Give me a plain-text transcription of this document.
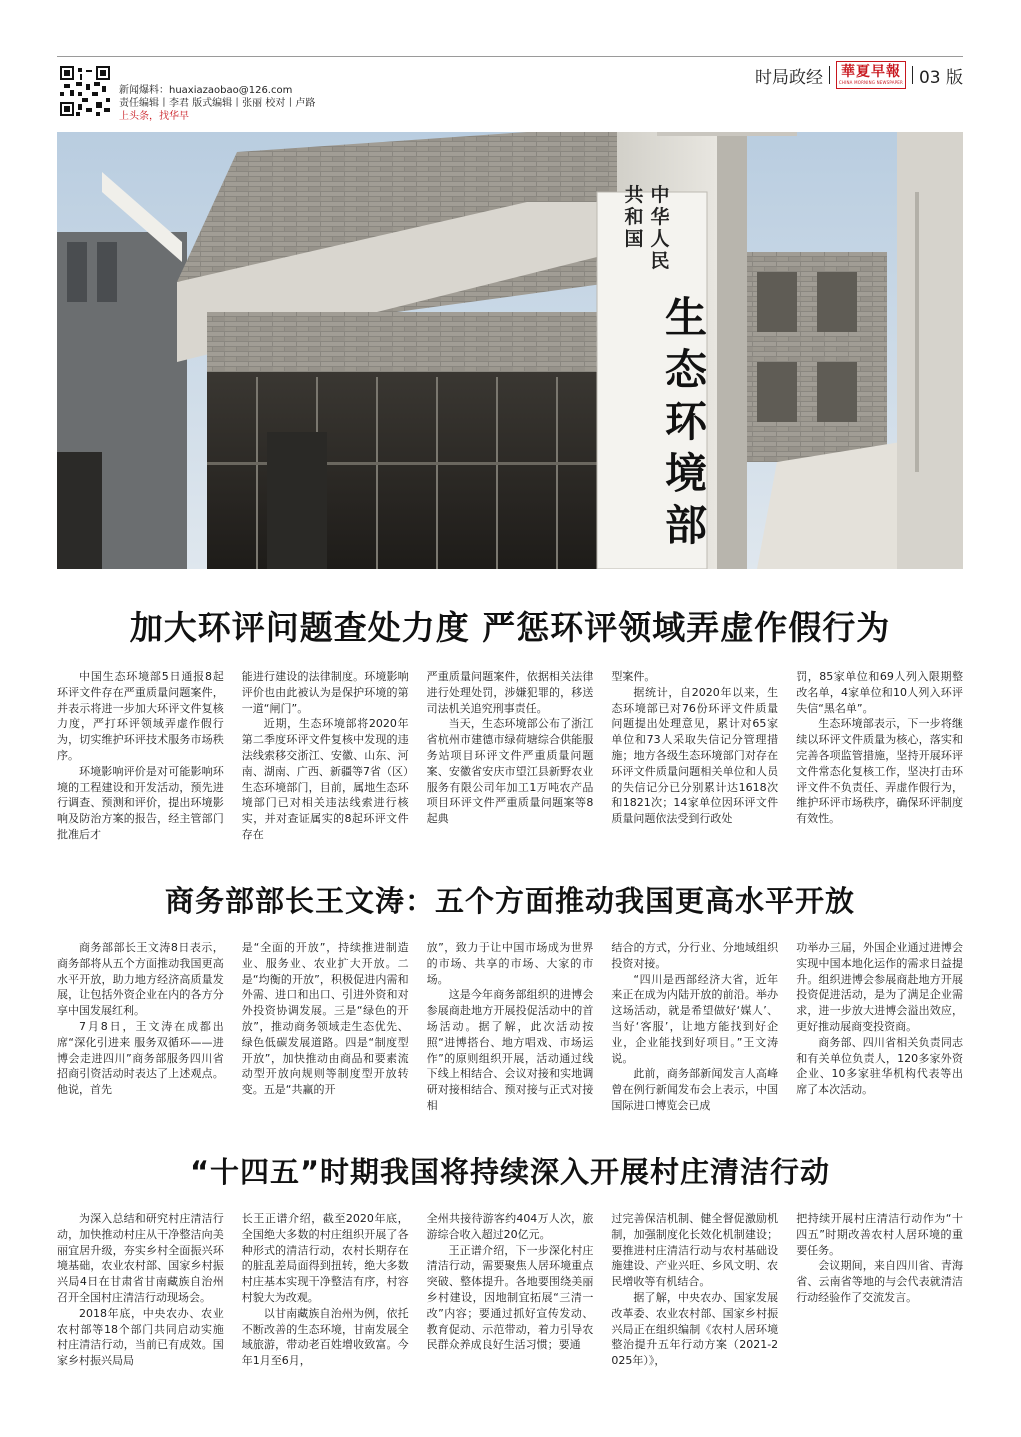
新闻爆料：huaxiazaobao@126.com
责任编辑丨李君 版式编辑丨张丽 校对丨卢路
上头条，找华早
时局政经 華夏早報
CHINA MORNING NEWSPAPER 03 版
中华人民
共和国
生
态
环
境
部
加大环评问题查处力度 严惩环评领域弄虚作假行为

中国生态环境部5日通报8起环评文件存在严重质量问题案件，并表示将进一步加大环评文件复核力度，严打环评领域弄虚作假行为，切实维护环评技术服务市场秩序。

环境影响评价是对可能影响环境的工程建设和开发活动，预先进行调查、预测和评价，提出环境影响及防治方案的报告，经主管部门批准后才

能进行建设的法律制度。环境影响评价也由此被认为是保护环境的第一道“闸门”。

近期，生态环境部将2020年第二季度环评文件复核中发现的违法线索移交浙江、安徽、山东、河南、湖南、广西、新疆等7省（区）生态环境部门，目前，属地生态环境部门已对相关违法线索进行核实，并对查证属实的8起环评文件存在

严重质量问题案件，依据相关法律进行处理处罚，涉嫌犯罪的，移送司法机关追究刑事责任。

当天，生态环境部公布了浙江省杭州市建德市绿荷塘综合供能服务站项目环评文件严重质量问题案、安徽省安庆市望江县新野农业服务有限公司年加工1万吨农产品项目环评文件严重质量问题案等8起典

型案件。

据统计，自2020年以来，生态环境部已对76份环评文件质量问题提出处理意见，累计对65家单位和73人采取失信记分管理措施；地方各级生态环境部门对存在环评文件质量问题相关单位和人员的失信记分已分别累计达1618次和1821次；14家单位因环评文件质量问题依法受到行政处

罚，85家单位和69人列入限期整改名单，4家单位和10人列入环评失信“黑名单”。

生态环境部表示，下一步将继续以环评文件质量为核心，落实和完善各项监管措施，坚持开展环评文件常态化复核工作，坚决打击环评文件不负责任、弄虚作假行为，维护环评市场秩序，确保环评制度有效性。

商务部部长王文涛：五个方面推动我国更高水平开放

商务部部长王文涛8日表示，商务部将从五个方面推动我国更高水平开放，助力地方经济高质量发展，让包括外资企业在内的各方分享中国发展红利。

7月8日，王文涛在成都出席“深化引进来 服务双循环——进博会走进四川”商务部服务四川省招商引资活动时表达了上述观点。他说，首先

是“全面的开放”，持续推进制造业、服务业、农业扩大开放。二是“均衡的开放”，积极促进内需和外需、进口和出口、引进外资和对外投资协调发展。三是“绿色的开放”，推动商务领域走生态优先、绿色低碳发展道路。四是“制度型开放”，加快推动由商品和要素流动型开放向规则等制度型开放转变。五是“共赢的开

放”，致力于让中国市场成为世界的市场、共享的市场、大家的市场。

这是今年商务部组织的进博会参展商赴地方开展投促活动中的首场活动。据了解，此次活动按照“进博搭台、地方唱戏、市场运作”的原则组织开展，活动通过线下线上相结合、会议对接和实地调研对接相结合、预对接与正式对接相

结合的方式，分行业、分地域组织投资对接。

“四川是西部经济大省，近年来正在成为内陆开放的前沿。举办这场活动，就是希望做好‘媒人’、当好‘客服’，让地方能找到好企业，企业能找到好项目。”王文涛说。

此前，商务部新闻发言人高峰曾在例行新闻发布会上表示，中国国际进口博览会已成

功举办三届，外国企业通过进博会实现中国本地化运作的需求日益提升。组织进博会参展商赴地方开展投资促进活动，是为了满足企业需求，进一步放大进博会溢出效应，更好推动展商变投资商。

商务部、四川省相关负责同志和有关单位负责人，120多家外资企业、10多家驻华机构代表等出席了本次活动。

“十四五”时期我国将持续深入开展村庄清洁行动

为深入总结和研究村庄清洁行动，加快推动村庄从干净整洁向美丽宜居升级，夯实乡村全面振兴环境基础，农业农村部、国家乡村振兴局4日在甘肃省甘南藏族自治州召开全国村庄清洁行动现场会。

2018年底，中央农办、农业农村部等18个部门共同启动实施村庄清洁行动，当前已有成效。国家乡村振兴局局

长王正谱介绍，截至2020年底，全国绝大多数的村庄组织开展了各种形式的清洁行动，农村长期存在的脏乱差局面得到扭转，绝大多数村庄基本实现干净整洁有序，村容村貌大为改观。

以甘南藏族自治州为例，依托不断改善的生态环境，甘南发展全域旅游，带动老百姓增收致富。今年1月至6月，

全州共接待游客约404万人次，旅游综合收入超过20亿元。

王正谱介绍，下一步深化村庄清洁行动，需要聚焦人居环境重点突破、整体提升。各地要围绕美丽乡村建设，因地制宜拓展“三清一改”内容；要通过抓好宣传发动、教育促动、示范带动，着力引导农民群众养成良好生活习惯；要通

过完善保洁机制、健全督促激励机制，加强制度化长效化机制建设；要推进村庄清洁行动与农村基础设施建设、产业兴旺、乡风文明、农民增收等有机结合。

据了解，中央农办、国家发展改革委、农业农村部、国家乡村振兴局正在组织编制《农村人居环境整治提升五年行动方案（2021-2025年）》，

把持续开展村庄清洁行动作为“十四五”时期改善农村人居环境的重要任务。

会议期间，来自四川省、青海省、云南省等地的与会代表就清洁行动经验作了交流发言。
